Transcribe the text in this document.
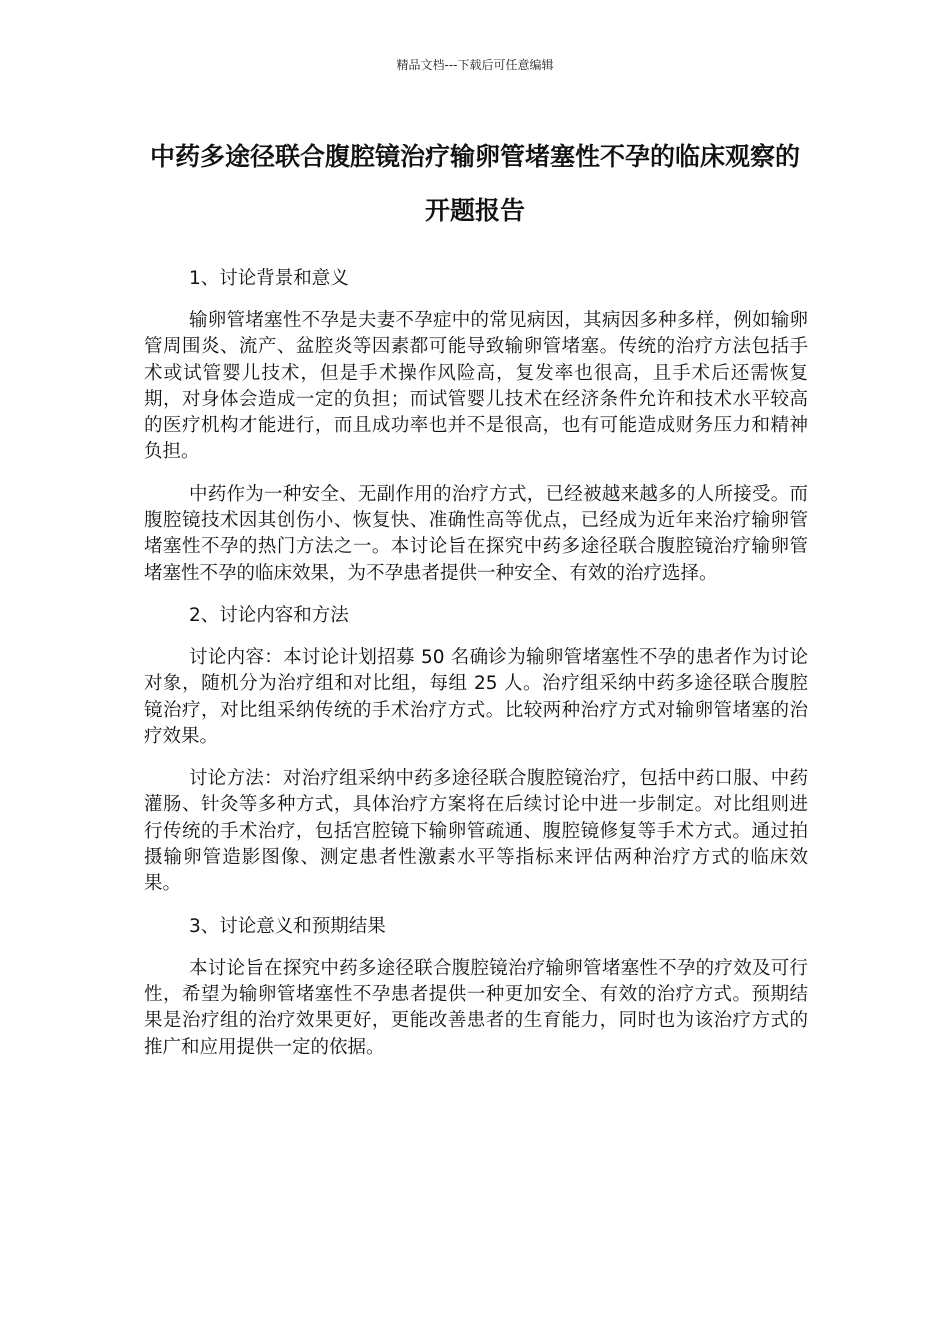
精品文档---下载后可任意编辑
中药多途径联合腹腔镜治疗输卵管堵塞性不孕的临床观察的开题报告

1、讨论背景和意义

输卵管堵塞性不孕是夫妻不孕症中的常见病因，其病因多种多样，例如输卵管周围炎、流产、盆腔炎等因素都可能导致输卵管堵塞。传统的治疗方法包括手术或试管婴儿技术，但是手术操作风险高，复发率也很高，且手术后还需恢复期，对身体会造成一定的负担；而试管婴儿技术在经济条件允许和技术水平较高的医疗机构才能进行，而且成功率也并不是很高，也有可能造成财务压力和精神负担。

中药作为一种安全、无副作用的治疗方式，已经被越来越多的人所接受。而腹腔镜技术因其创伤小、恢复快、准确性高等优点，已经成为近年来治疗输卵管堵塞性不孕的热门方法之一。本讨论旨在探究中药多途径联合腹腔镜治疗输卵管堵塞性不孕的临床效果，为不孕患者提供一种安全、有效的治疗选择。

2、讨论内容和方法

讨论内容：本讨论计划招募 50 名确诊为输卵管堵塞性不孕的患者作为讨论对象，随机分为治疗组和对比组，每组 25 人。治疗组采纳中药多途径联合腹腔镜治疗，对比组采纳传统的手术治疗方式。比较两种治疗方式对输卵管堵塞的治疗效果。

讨论方法：对治疗组采纳中药多途径联合腹腔镜治疗，包括中药口服、中药灌肠、针灸等多种方式，具体治疗方案将在后续讨论中进一步制定。对比组则进行传统的手术治疗，包括宫腔镜下输卵管疏通、腹腔镜修复等手术方式。通过拍摄输卵管造影图像、测定患者性激素水平等指标来评估两种治疗方式的临床效果。

3、讨论意义和预期结果

本讨论旨在探究中药多途径联合腹腔镜治疗输卵管堵塞性不孕的疗效及可行性，希望为输卵管堵塞性不孕患者提供一种更加安全、有效的治疗方式。预期结果是治疗组的治疗效果更好，更能改善患者的生育能力，同时也为该治疗方式的推广和应用提供一定的依据。
